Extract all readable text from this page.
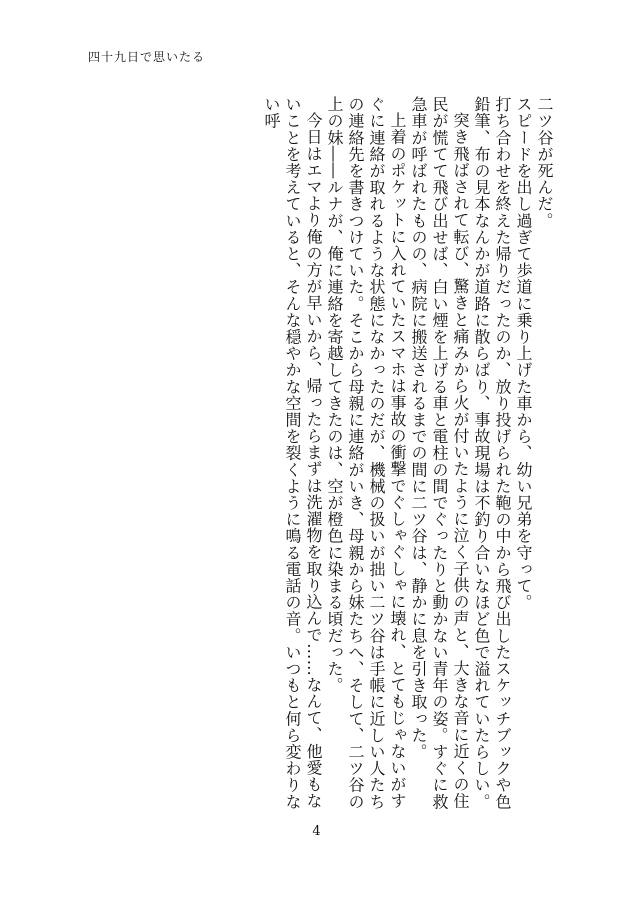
四十九日で思いたる

二ツ谷が死んだ。

スピードを出し過ぎて歩道に乗り上げた車から、幼い兄弟を守って。

打ち合わせを終えた帰りだったのか、放り投げられた鞄の中から飛び出したスケッチブックや色鉛筆、布の見本なんかが道路に散らばり、事故現場は不釣り合いなほど色で溢れていたらしい。

突き飛ばされて転び、驚きと痛みから火が付いたように泣く子供の声と、大きな音に近くの住民が慌てて飛び出せば、白い煙を上げる車と電柱の間でぐったりと動かない青年の姿。すぐに救急車が呼ばれたものの、病院に搬送されるまでの間に二ツ谷は、静かに息を引き取った。

上着のポケットに入れていたスマホは事故の衝撃でぐしゃぐしゃに壊れ、とてもじゃないがすぐに連絡が取れるような状態になかったのだが、機械の扱いが拙い二ツ谷は手帳に近しい人たちの連絡先を書きつけていた。そこから母親に連絡がいき、母親から妹たちへ、そして、二ツ谷の上の妹――ルナが、俺に連絡を寄越してきたのは、空が橙色に染まる頃だった。

今日はエマより俺の方が早いから、帰ったらまずは洗濯物を取り込んで……なんて、他愛もないことを考えていると、そんな穏やかな空間を裂くように鳴る電話の音。いつもと何ら変わりない呼

4
